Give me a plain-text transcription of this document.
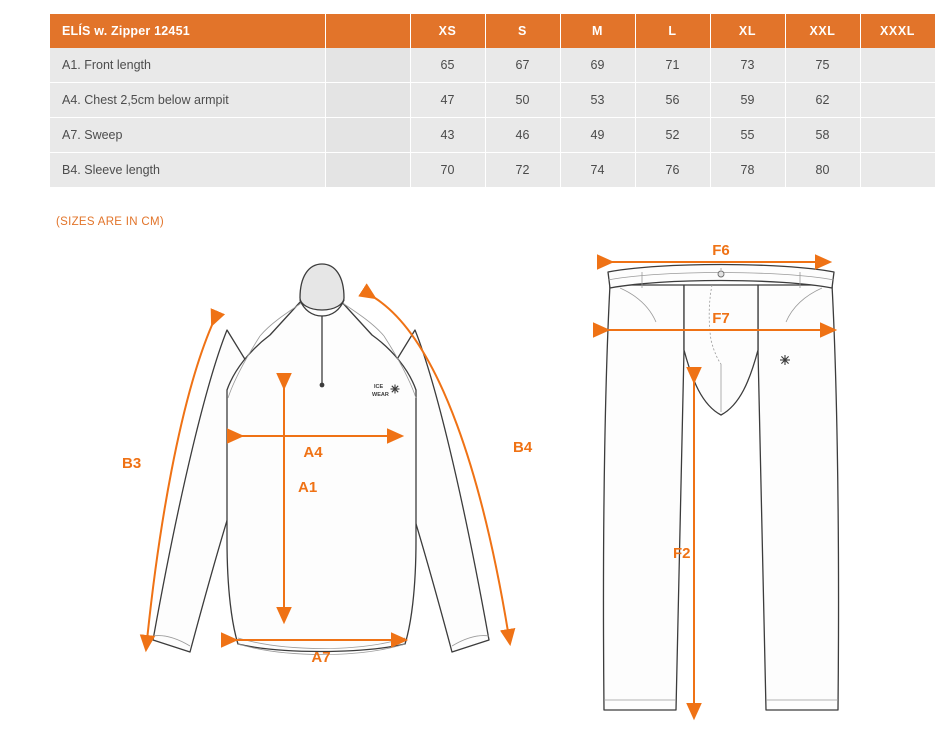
ELÍS w. Zipper 12451		XS	S	M	L	XL	XXL	XXXL
A1. Front length		65	67	69	71	73	75	
A4. Chest 2,5cm below armpit		47	50	53	56	59	62	
A7. Sweep		43	46	49	52	55	58	
B4. Sleeve length		70	72	74	76	78	80	
(SIZES ARE IN CM)
ICE
WEAR
A4
A1
A7
B3
B4
F6
F7
F2
